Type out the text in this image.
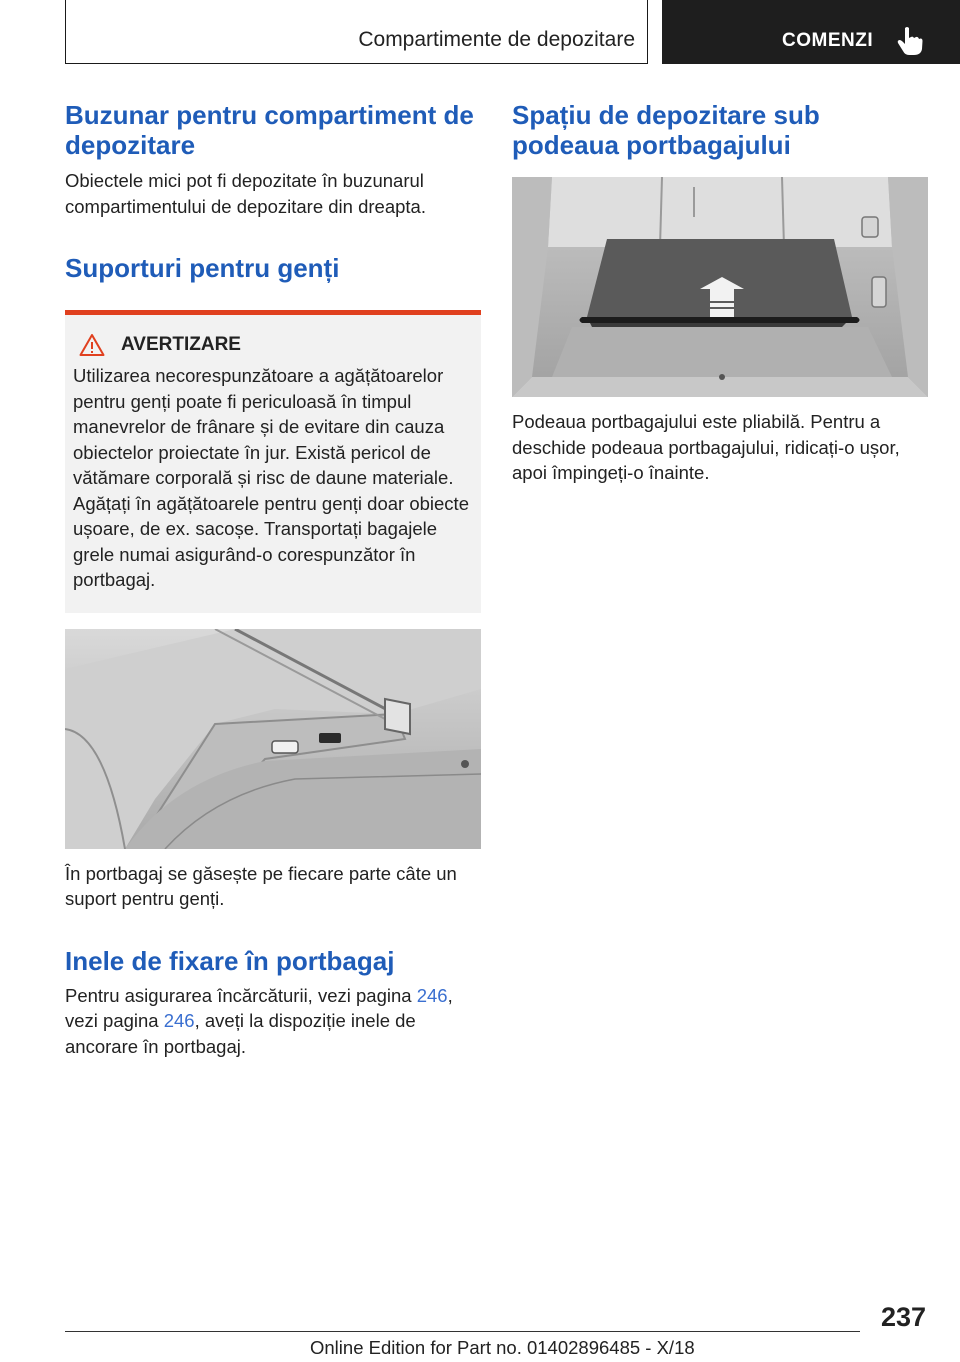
Compartimente de depozitare	COMENZI
Buzunar pentru compartiment de depozitare

Obiectele mici pot fi depozitate în buzunarul compartimentului de depozitare din dreapta.

Suporturi pentru genți
AVERTIZARE

Utilizarea necorespunzătoare a agățătoarelor pentru genți poate fi periculoasă în timpul manevrelor de frânare și de evitare din cauza obiectelor proiectate în jur. Există pericol de vătămare corporală și risc de daune materiale. Agățați în agățătoarele pentru genți doar obiecte ușoare, de ex. sacoșe. Transportați bagajele grele numai asigurând-o corespunzător în portbagaj.

În portbagaj se găsește pe fiecare parte câte un suport pentru genți.

Inele de fixare în portbagaj

Pentru asigurarea încărcăturii, vezi pagina 246, vezi pagina 246, aveți la dispoziție inele de ancorare în portbagaj.

Spațiu de depozitare sub podeaua portbagajului

Podeaua portbagajului este pliabilă. Pentru a deschide podeaua portbagajului, ridicați-o ușor, apoi împingeți-o înainte.

237
Online Edition for Part no. 01402896485 - X/18
